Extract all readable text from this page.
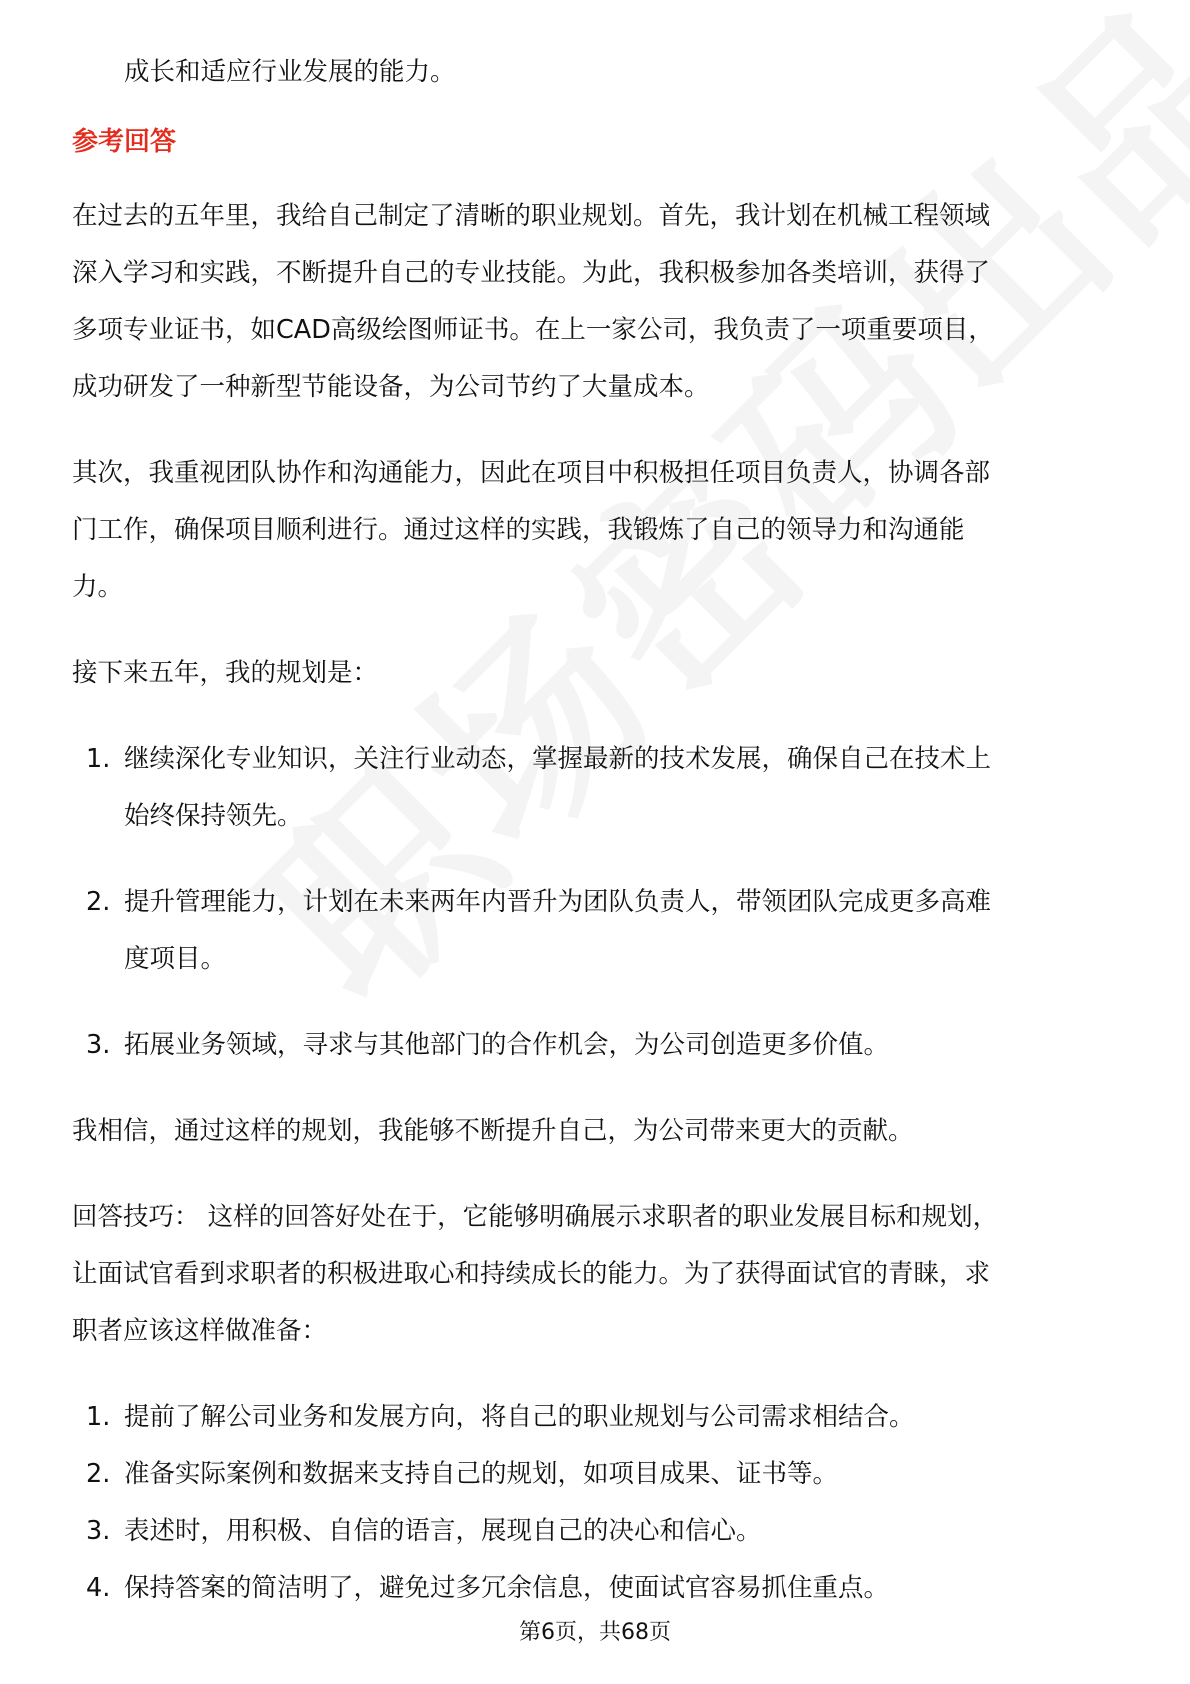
成长和适应行业发展的能力。

参考回答

在过去的五年里，我给自己制定了清晰的职业规划。首先，我计划在机械工程领域

深入学习和实践，不断提升自己的专业技能。为此，我积极参加各类培训，获得了

多项专业证书，如CAD高级绘图师证书。在上一家公司，我负责了一项重要项目，

成功研发了一种新型节能设备，为公司节约了大量成本。

其次，我重视团队协作和沟通能力，因此在项目中积极担任项目负责人，协调各部

门工作，确保项目顺利进行。通过这样的实践，我锻炼了自己的领导力和沟通能

力。

接下来五年，我的规划是：

1. 继续深化专业知识，关注行业动态，掌握最新的技术发展，确保自己在技术上

始终保持领先。

2. 提升管理能力，计划在未来两年内晋升为团队负责人，带领团队完成更多高难

度项目。

3. 拓展业务领域，寻求与其他部门的合作机会，为公司创造更多价值。

我相信，通过这样的规划，我能够不断提升自己，为公司带来更大的贡献。

回答技巧： 这样的回答好处在于，它能够明确展示求职者的职业发展目标和规划，

让面试官看到求职者的积极进取心和持续成长的能力。为了获得面试官的青睐，求

职者应该这样做准备：

1. 提前了解公司业务和发展方向，将自己的职业规划与公司需求相结合。

2. 准备实际案例和数据来支持自己的规划，如项目成果、证书等。

3. 表述时，用积极、自信的语言，展现自己的决心和信心。

4. 保持答案的简洁明了，避免过多冗余信息，使面试官容易抓住重点。

第6页，共68页
